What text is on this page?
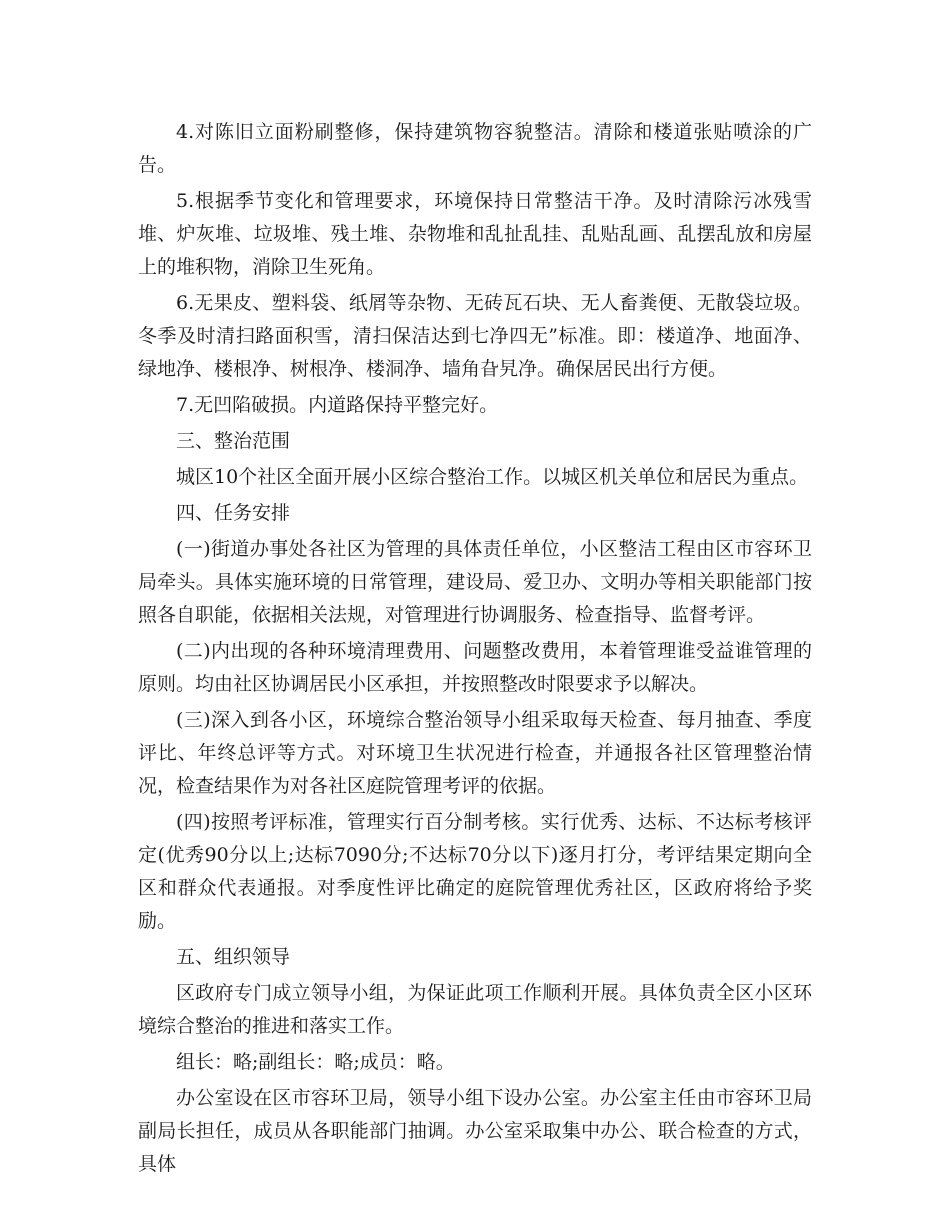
4.对陈旧立面粉刷整修，保持建筑物容貌整洁。清除和楼道张贴喷涂的广告。

5.根据季节变化和管理要求，环境保持日常整洁干净。及时清除污冰残雪堆、炉灰堆、垃圾堆、残土堆、杂物堆和乱扯乱挂、乱贴乱画、乱摆乱放和房屋上的堆积物，消除卫生死角。

6.无果皮、塑料袋、纸屑等杂物、无砖瓦石块、无人畜粪便、无散袋垃圾。冬季及时清扫路面积雪，清扫保洁达到七净四无”标准。即：楼道净、地面净、绿地净、楼根净、树根净、楼洞净、墙角旮旯净。确保居民出行方便。

7.无凹陷破损。内道路保持平整完好。

三、整治范围

城区10个社区全面开展小区综合整治工作。以城区机关单位和居民为重点。

四、任务安排

(一)街道办事处各社区为管理的具体责任单位，小区整洁工程由区市容环卫局牵头。具体实施环境的日常管理，建设局、爱卫办、文明办等相关职能部门按照各自职能，依据相关法规，对管理进行协调服务、检查指导、监督考评。

(二)内出现的各种环境清理费用、问题整改费用，本着管理谁受益谁管理的原则。均由社区协调居民小区承担，并按照整改时限要求予以解决。

(三)深入到各小区，环境综合整治领导小组采取每天检查、每月抽查、季度评比、年终总评等方式。对环境卫生状况进行检查，并通报各社区管理整治情况，检查结果作为对各社区庭院管理考评的依据。

(四)按照考评标准，管理实行百分制考核。实行优秀、达标、不达标考核评定(优秀90分以上;达标7090分;不达标70分以下)逐月打分，考评结果定期向全区和群众代表通报。对季度性评比确定的庭院管理优秀社区，区政府将给予奖励。

五、组织领导

区政府专门成立领导小组，为保证此项工作顺利开展。具体负责全区小区环境综合整治的推进和落实工作。

组长：略;副组长：略;成员：略。

办公室设在区市容环卫局，领导小组下设办公室。办公室主任由市容环卫局副局长担任，成员从各职能部门抽调。办公室采取集中办公、联合检查的方式，具体
